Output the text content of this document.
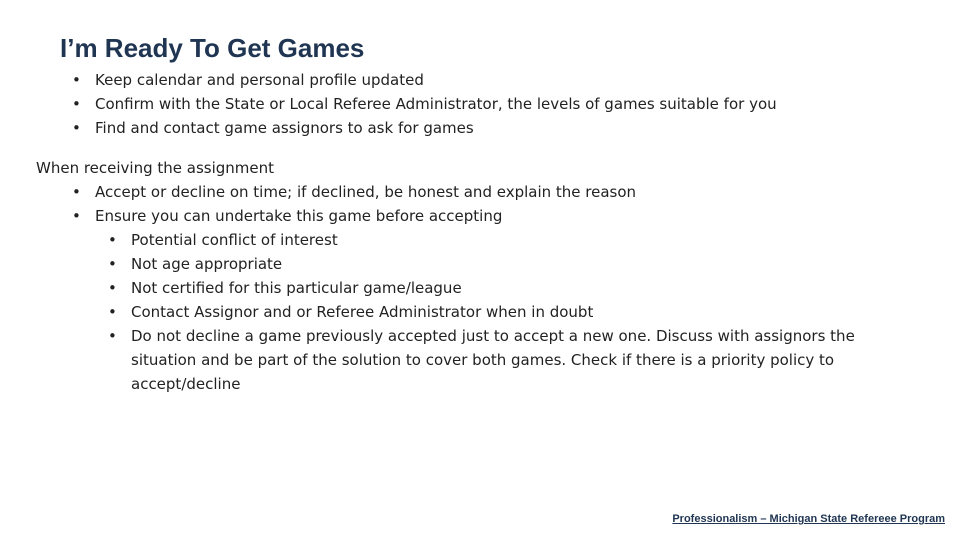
I’m Ready To Get Games
• Keep calendar and personal profile updated
• Confirm with the State or Local Referee Administrator, the levels of games suitable for you
• Find and contact game assignors to ask for games
When receiving the assignment
• Accept or decline on time; if declined, be honest and explain the reason
• Ensure you can undertake this game before accepting
• Potential conflict of interest
• Not age appropriate
• Not certified for this particular game/league
• Contact Assignor and or Referee Administrator when in doubt
• Do not decline a game previously accepted just to accept a new one. Discuss with assignors the situation and be part of the solution to cover both games. Check if there is a priority policy to accept/decline
Professionalism – Michigan State Refereee Program
